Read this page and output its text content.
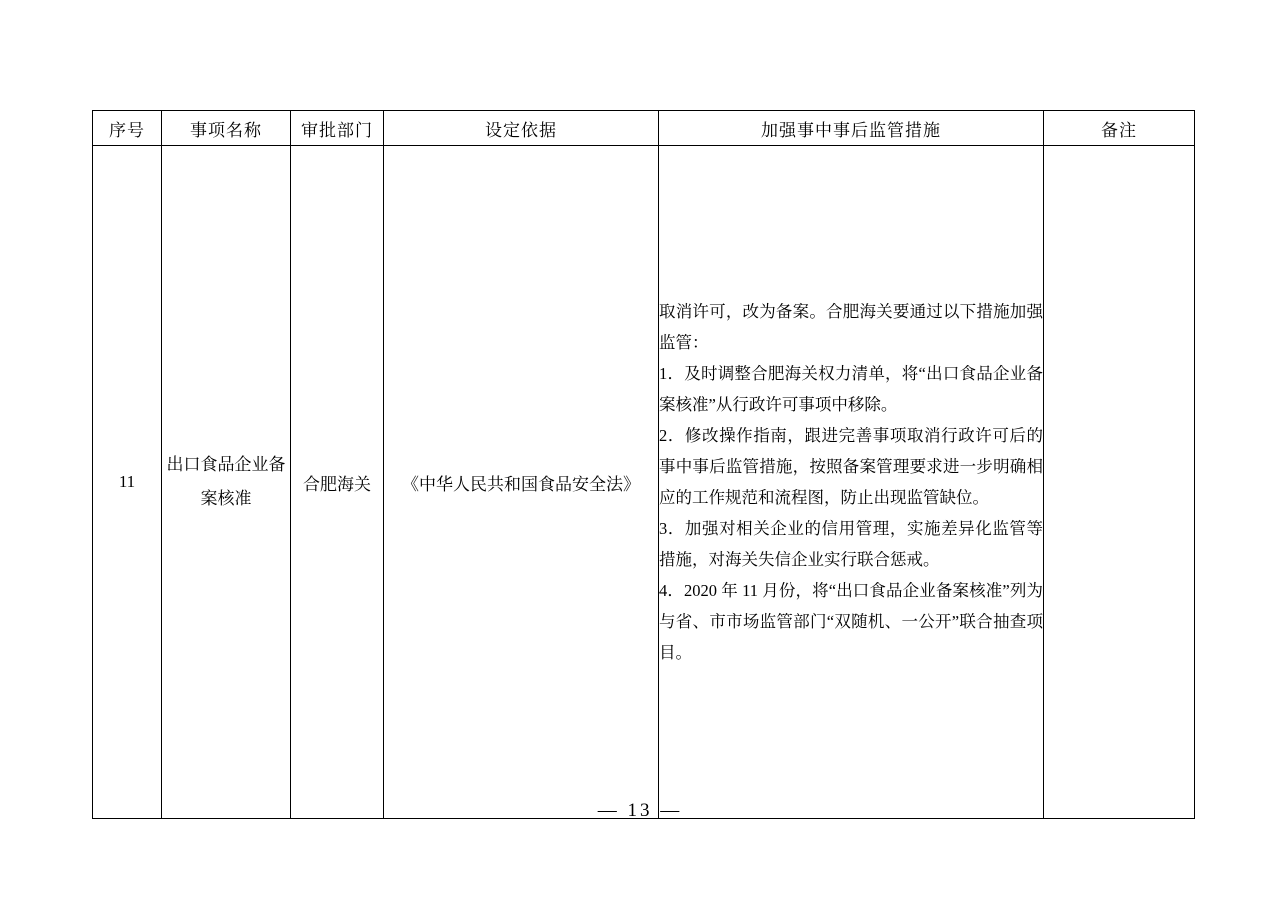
序号	事项名称	审批部门	设定依据	加强事中事后监管措施	备注
11	出口食品企业备案核准	合肥海关	《中华人民共和国食品安全法》	取消许可，改为备案。合肥海关要通过以下措施加强监管：

1．及时调整合肥海关权力清单，将“出口食品企业备案核准”从行政许可事项中移除。

2．修改操作指南，跟进完善事项取消行政许可后的事中事后监管措施，按照备案管理要求进一步明确相应的工作规范和流程图，防止出现监管缺位。

3．加强对相关企业的信用管理，实施差异化监管等措施，对海关失信企业实行联合惩戒。

4．2020 年 11 月份，将“出口食品企业备案核准”列为与省、市市场监管部门“双随机、一公开”联合抽查项目。	

— 13 —
